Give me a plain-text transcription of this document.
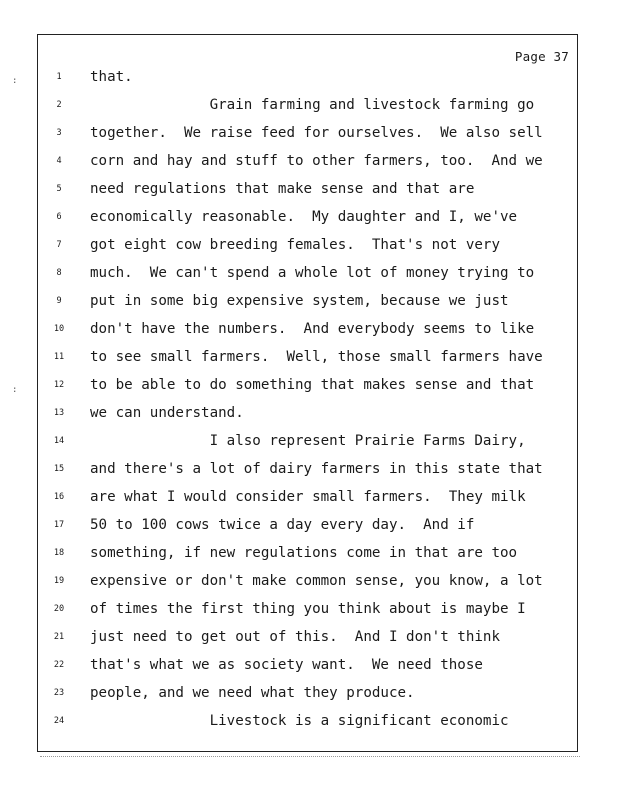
Page 37
1	that.
2	Grain farming and livestock farming go
3	together.  We raise feed for ourselves.  We also sell
4	corn and hay and stuff to other farmers, too.  And we
5	need regulations that make sense and that are
6	economically reasonable.  My daughter and I, we've
7	got eight cow breeding females.  That's not very
8	much.  We can't spend a whole lot of money trying to
9	put in some big expensive system, because we just
10 don't have the numbers.  And everybody seems to like
11 to see small farmers.  Well, those small farmers have
12 to be able to do something that makes sense and that
13 we can understand.
14 I also represent Prairie Farms Dairy,
15 and there's a lot of dairy farmers in this state that
16 are what I would consider small farmers.  They milk
17 50 to 100 cows twice a day every day.  And if
18 something, if new regulations come in that are too
19 expensive or don't make common sense, you know, a lot
20 of times the first thing you think about is maybe I
21 just need to get out of this.  And I don't think
22 that's what we as society want.  We need those
23 people, and we need what they produce.
24 Livestock is a significant economic
:
:
